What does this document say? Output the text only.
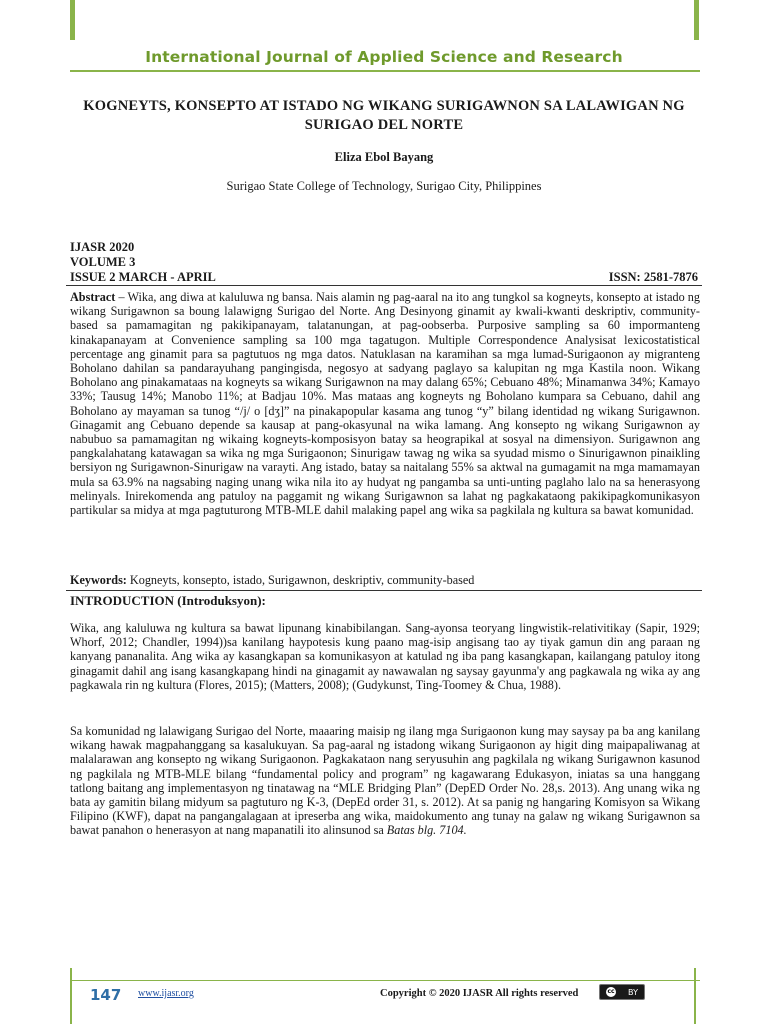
International Journal of Applied Science and Research
KOGNEYTS, KONSEPTO AT ISTADO NG WIKANG SURIGAWNON SA LALAWIGAN NG SURIGAO DEL NORTE
Eliza Ebol Bayang
Surigao State College of Technology, Surigao City, Philippines
IJASR 2020
VOLUME 3
ISSUE 2 MARCH - APRIL	ISSN: 2581-7876
Abstract – Wika, ang diwa at kaluluwa ng bansa. Nais alamin ng pag-aaral na ito ang tungkol sa kogneyts, konsepto at istado ng wikang Surigawnon sa boung lalawigng Surigao del Norte. Ang Desinyong ginamit ay kwali-kwanti deskriptiv, community-based sa pamamagitan ng pakikipanayam, talatanungan, at pag-oobserba. Purposive sampling sa 60 impormanteng kinakapanayam at Convenience sampling sa 100 mga tagatugon. Multiple Correspondence Analysisat lexicostatistical percentage ang ginamit para sa pagtutuos ng mga datos. Natuklasan na karamihan sa mga lumad-Surigaonon ay migranteng Boholano dahilan sa pandarayuhang pangingisda, negosyo at sadyang paglayo sa kalupitan ng mga Kastila noon. Wikang Boholano ang pinakamataas na kogneyts sa wikang Surigawnon na may dalang 65%; Cebuano 48%; Minamanwa 34%; Kamayo 33%; Tausug 14%; Manobo 11%; at Badjau 10%. Mas mataas ang kogneyts ng Boholano kumpara sa Cebuano, dahil ang Boholano ay mayaman sa tunog “/j/ o [dʒ]” na pinakapopular kasama ang tunog “y” bilang identidad ng wikang Surigawnon. Ginagamit ang Cebuano depende sa kausap at pang-okasyunal na wika lamang. Ang konsepto ng wikang Surigawnon ay nabubuo sa pamamagitan ng wikaing kogneyts-komposisyon batay sa heograpikal at sosyal na dimensiyon. Surigawnon ang pangkalahatang katawagan sa wika ng mga Surigaonon; Sinurigaw tawag ng wika sa syudad mismo o Sinurigawnon pinaikling bersiyon ng Surigawnon-Sinurigaw na varayti. Ang istado, batay sa naitalang 55% sa aktwal na gumagamit na mga mamamayan mula sa 63.9% na nagsabing naging unang wika nila ito ay hudyat ng pangamba sa unti-unting paglaho lalo na sa henerasyong melinyals. Inirekomenda ang patuloy na paggamit ng wikang Surigawnon sa lahat ng pagkakataong pakikipagkomunikasyon partikular sa midya at mga pagtuturong MTB-MLE dahil malaking papel ang wika sa pagkilala ng kultura sa bawat komunidad.
Keywords: Kogneyts, konsepto, istado, Surigawnon, deskriptiv, community-based
INTRODUCTION (Introduksyon):
Wika, ang kaluluwa ng kultura sa bawat lipunang kinabibilangan. Sang-ayonsa teoryang lingwistik-relativitikay (Sapir, 1929; Whorf, 2012; Chandler, 1994))sa kanilang haypotesis kung paano mag-isip angisang tao ay tiyak gamun din ang paraan ng kanyang pananalita. Ang wika ay kasangkapan sa komunikasyon at katulad ng iba pang kasangkapan, kailangang patuloy itong ginagamit dahil ang isang kasangkapang hindi na ginagamit ay nawawalan ng saysay gayunma'y ang pagkawala ng wika ay ang pagkawala rin ng kultura (Flores, 2015); (Matters, 2008); (Gudykunst, Ting-Toomey & Chua, 1988).
Sa komunidad ng lalawigang Surigao del Norte, maaaring maisip ng ilang mga Surigaonon kung may saysay pa ba ang kanilang wikang hawak magpahanggang sa kasalukuyan. Sa pag-aaral ng istadong wikang Surigaonon ay higit ding maipapaliwanag at malalarawan ang konsepto ng wikang Surigaonon. Pagkakataon nang seryusuhin ang pagkilala ng wikang Surigawnon kasunod ng pagkilala ng MTB-MLE bilang “fundamental policy and program” ng kagawarang Edukasyon, iniatas sa una hanggang tatlong baitang ang implementasyon ng tinatawag na “MLE Bridging Plan” (DepED Order No. 28,s. 2013). Ang unang wika ng bata ay gamitin bilang midyum sa pagtuturo ng K-3, (DepEd order 31, s. 2012). At sa panig ng hangaring Komisyon sa Wikang Filipino (KWF), dapat na pangangalagaan at ipreserba ang wika, maidokumento ang tunay na galaw ng wikang Surigawnon sa bawat panahon o henerasyon at nang mapanatili ito alinsunod sa Batas blg. 7104.
147 www.ijasr.org	Copyright © 2020 IJASR All rights reserved	cc BY
